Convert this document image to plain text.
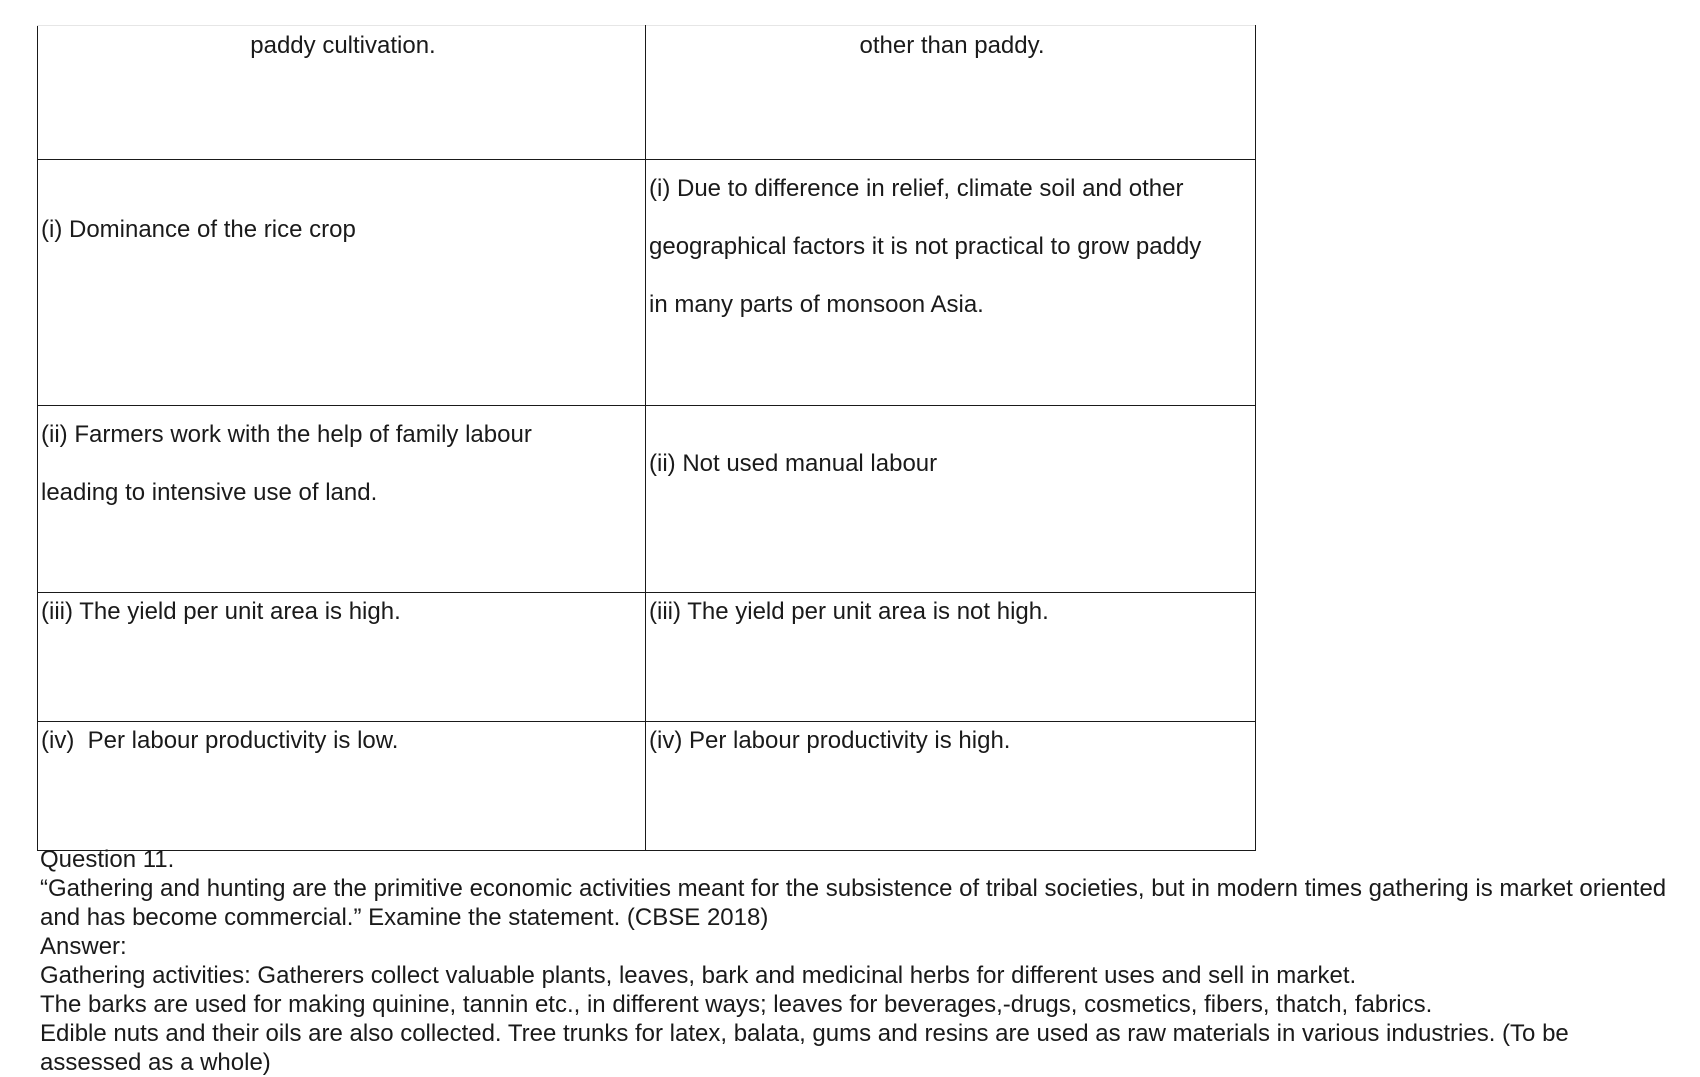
paddy cultivation.	other than paddy.

(i) Dominance of the rice crop	(i) Due to difference in relief, climate soil and other
geographical factors it is not practical to grow paddy
in many parts of monsoon Asia.

(ii) Farmers work with the help of family labour
leading to intensive use of land.	(ii) Not used manual labour

(iii) The yield per unit area is high.	(iii) The yield per unit area is not high.

(iv)  Per labour productivity is low.	(iv) Per labour productivity is high.

Question 11.

“Gathering and hunting are the primitive economic activities meant for the subsistence of tribal societies, but in modern times gathering is market oriented and has become commercial.” Examine the statement. (CBSE 2018)

Answer:

Gathering activities: Gatherers collect valuable plants, leaves, bark and medicinal herbs for different uses and sell in market.

The barks are used for making quinine, tannin etc., in different ways; leaves for beverages,-drugs, cosmetics, fibers, thatch, fabrics.

Edible nuts and their oils are also collected. Tree trunks for latex, balata, gums and resins are used as raw materials in various industries. (To be assessed as a whole)
